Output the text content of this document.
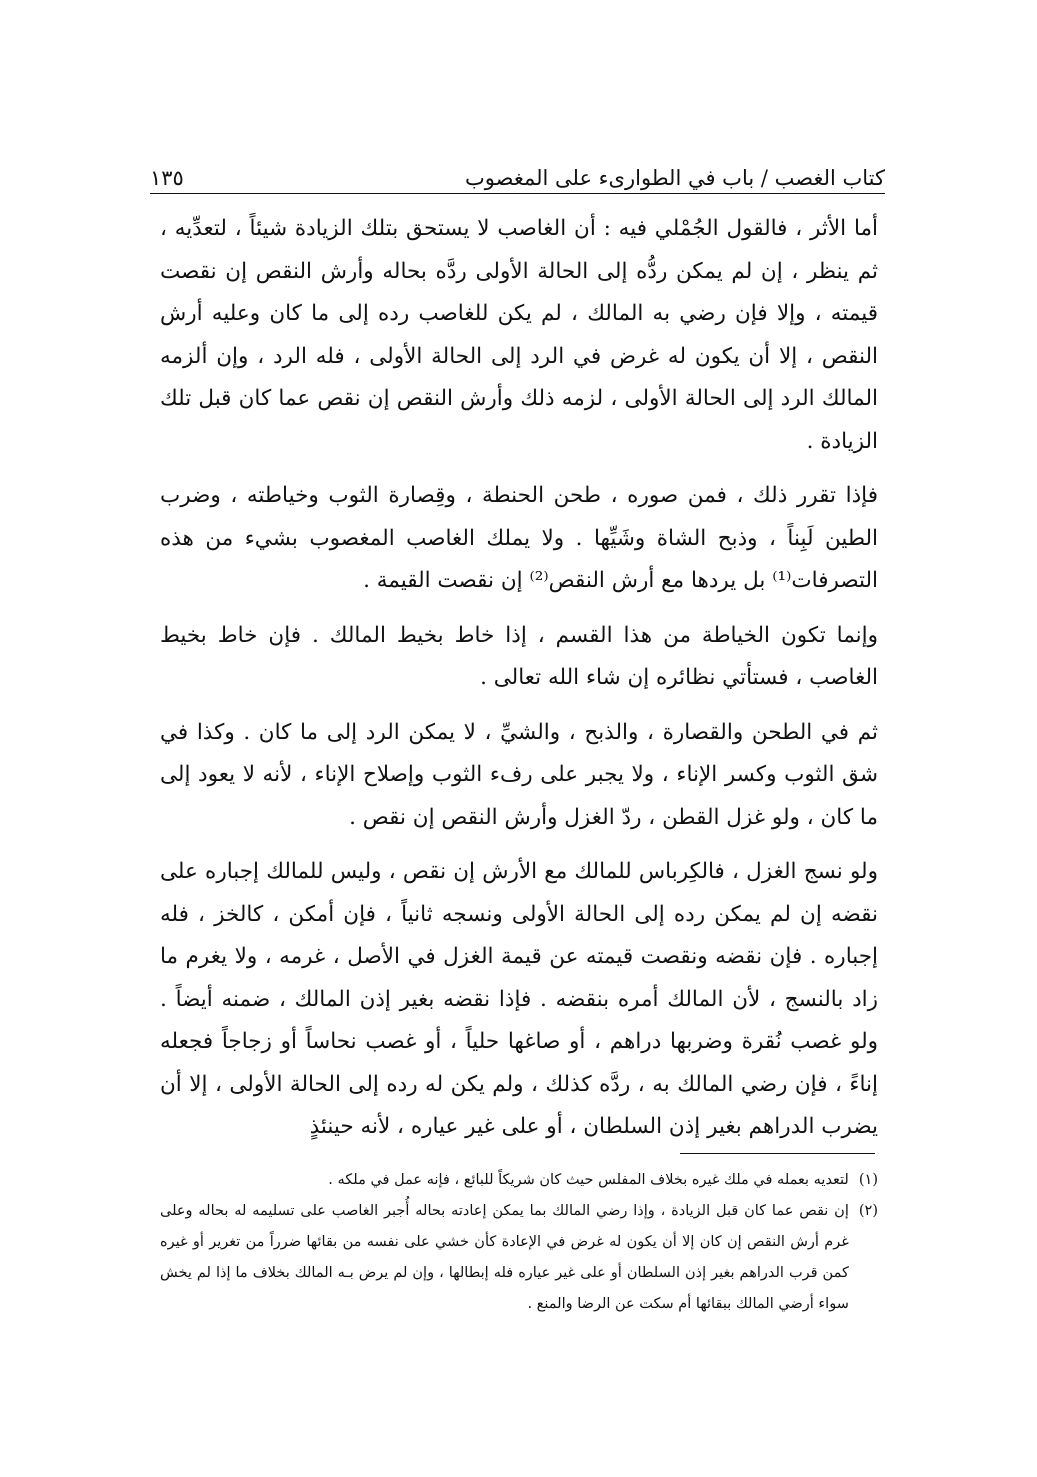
كتاب الغصب / باب في الطوارىء على المغصوب
١٣٥

أما الأثر ، فالقول الجُمْلي فيه : أن الغاصب لا يستحق بتلك الزيادة شيئاً ، لتعدِّيه ، ثم ينظر ، إن لم يمكن ردُّه إلى الحالة الأولى ردَّه بحاله وأرش النقص إن نقصت قيمته ، وإلا فإن رضي به المالك ، لم يكن للغاصب رده إلى ما كان وعليه أرش النقص ، إلا أن يكون له غرض في الرد إلى الحالة الأولى ، فله الرد ، وإن ألزمه المالك الرد إلى الحالة الأولى ، لزمه ذلك وأرش النقص إن نقص عما كان قبل تلك الزيادة .

فإذا تقرر ذلك ، فمن صوره ، طحن الحنطة ، وقِصارة الثوب وخياطته ، وضرب الطين لَبِناً ، وذبح الشاة وشَيِّها . ولا يملك الغاصب المغصوب بشيء من هذه التصرفات⁽¹⁾ بل يردها مع أرش النقص⁽²⁾ إن نقصت القيمة .

وإنما تكون الخياطة من هذا القسم ، إذا خاط بخيط المالك . فإن خاط بخيط الغاصب ، فستأتي نظائره إن شاء الله تعالى .

ثم في الطحن والقصارة ، والذبح ، والشيِّ ، لا يمكن الرد إلى ما كان . وكذا في شق الثوب وكسر الإناء ، ولا يجبر على رفء الثوب وإصلاح الإناء ، لأنه لا يعود إلى ما كان ، ولو غزل القطن ، ردّ الغزل وأرش النقص إن نقص .

ولو نسج الغزل ، فالكِرباس للمالك مع الأرش إن نقص ، وليس للمالك إجباره على نقضه إن لم يمكن رده إلى الحالة الأولى ونسجه ثانياً ، فإن أمكن ، كالخز ، فله إجباره . فإن نقضه ونقصت قيمته عن قيمة الغزل في الأصل ، غرمه ، ولا يغرم ما زاد بالنسج ، لأن المالك أمره بنقضه . فإذا نقضه بغير إذن المالك ، ضمنه أيضاً . ولو غصب نُقرة وضربها دراهم ، أو صاغها حلياً ، أو غصب نحاساً أو زجاجاً فجعله إناءً ، فإن رضي المالك به ، ردَّه كذلك ، ولم يكن له رده إلى الحالة الأولى ، إلا أن يضرب الدراهم بغير إذن السلطان ، أو على غير عياره ، لأنه حينئذٍ

(١)
لتعديه بعمله في ملك غيره بخلاف المفلس حيث كان شريكاً للبائع ، فإنه عمل في ملكه .
(٢)
إن نقص عما كان قبل الزيادة ، وإذا رضي المالك بما يمكن إعادته بحاله أُجبر الغاصب على تسليمه له بحاله وعلى غرم أرش النقص إن كان إلا أن يكون له غرض في الإعادة كأن خشي على نفسه من بقائها ضرراً من تغرير أو غيره كمن قرب الدراهم بغير إذن السلطان أو على غير عياره فله إبطالها ، وإن لم يرض بـه المالك بخلاف ما إذا لم يخش سواء أرضي المالك ببقائها أم سكت عن الرضا والمنع .
